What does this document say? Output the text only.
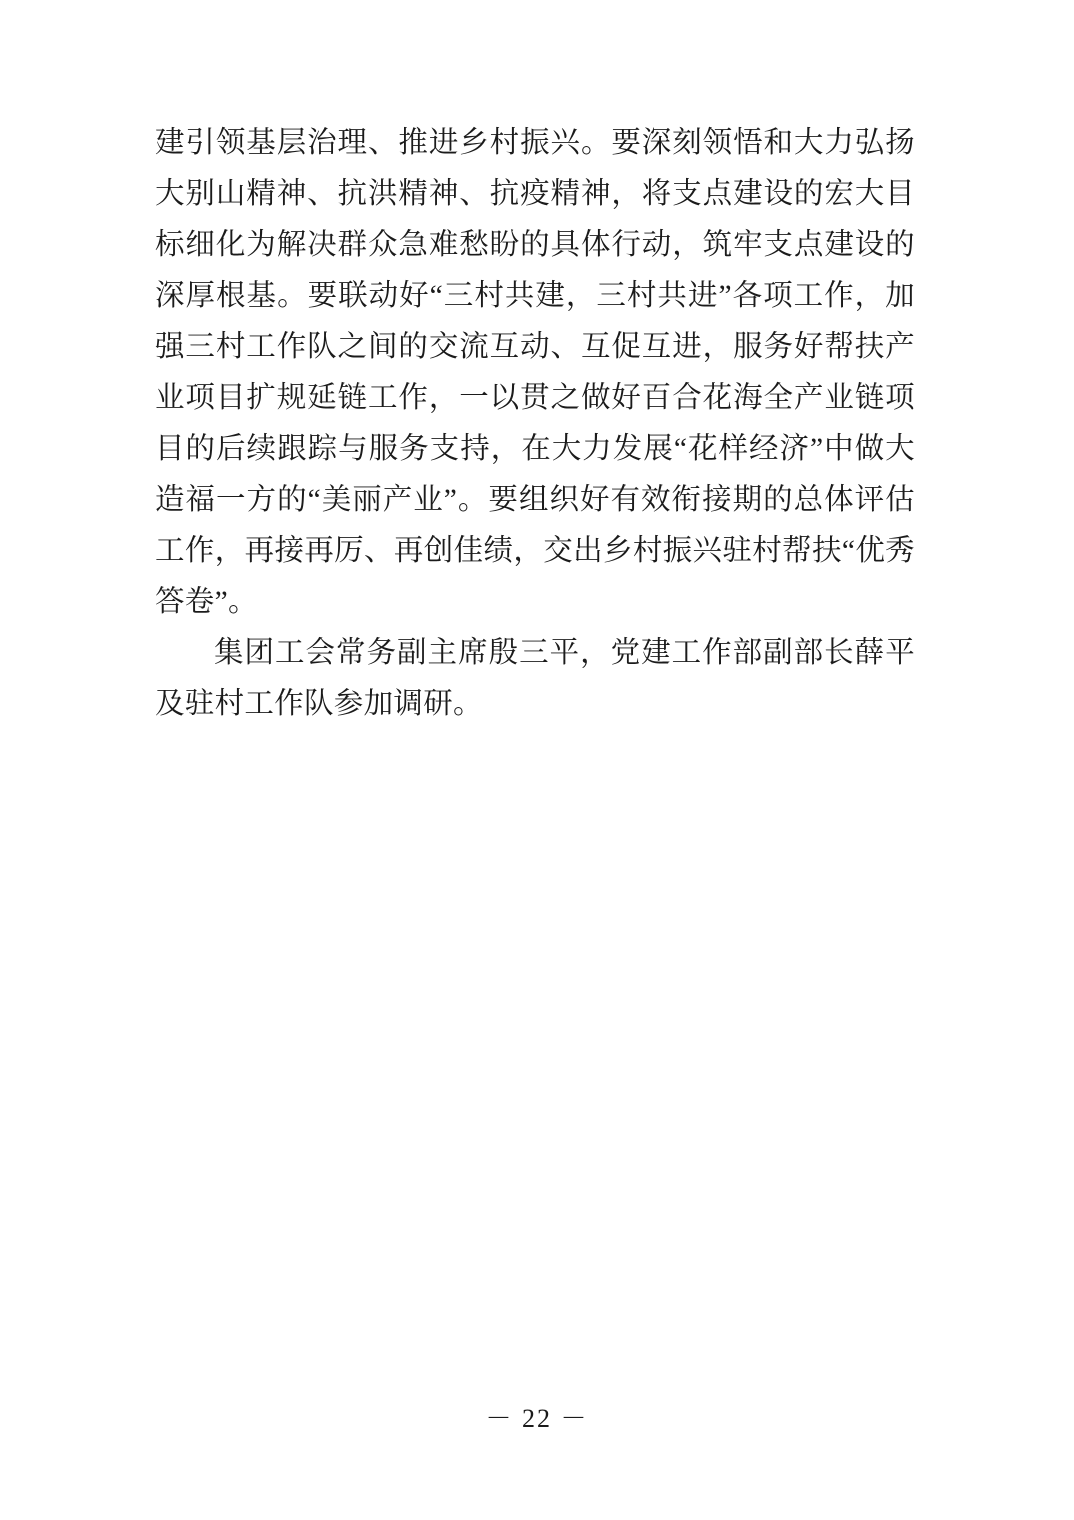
建引领基层治理、推进乡村振兴。要深刻领悟和大力弘扬大别山精神、抗洪精神、抗疫精神，将支点建设的宏大目标细化为解决群众急难愁盼的具体行动，筑牢支点建设的深厚根基。要联动好“三村共建，三村共进”各项工作，加强三村工作队之间的交流互动、互促互进，服务好帮扶产业项目扩规延链工作，一以贯之做好百合花海全产业链项目的后续跟踪与服务支持，在大力发展“花样经济”中做大造福一方的“美丽产业”。要组织好有效衔接期的总体评估工作，再接再厉、再创佳绩，交出乡村振兴驻村帮扶“优秀答卷”。

集团工会常务副主席殷三平，党建工作部副部长薛平及驻村工作队参加调研。

－ 22 －
